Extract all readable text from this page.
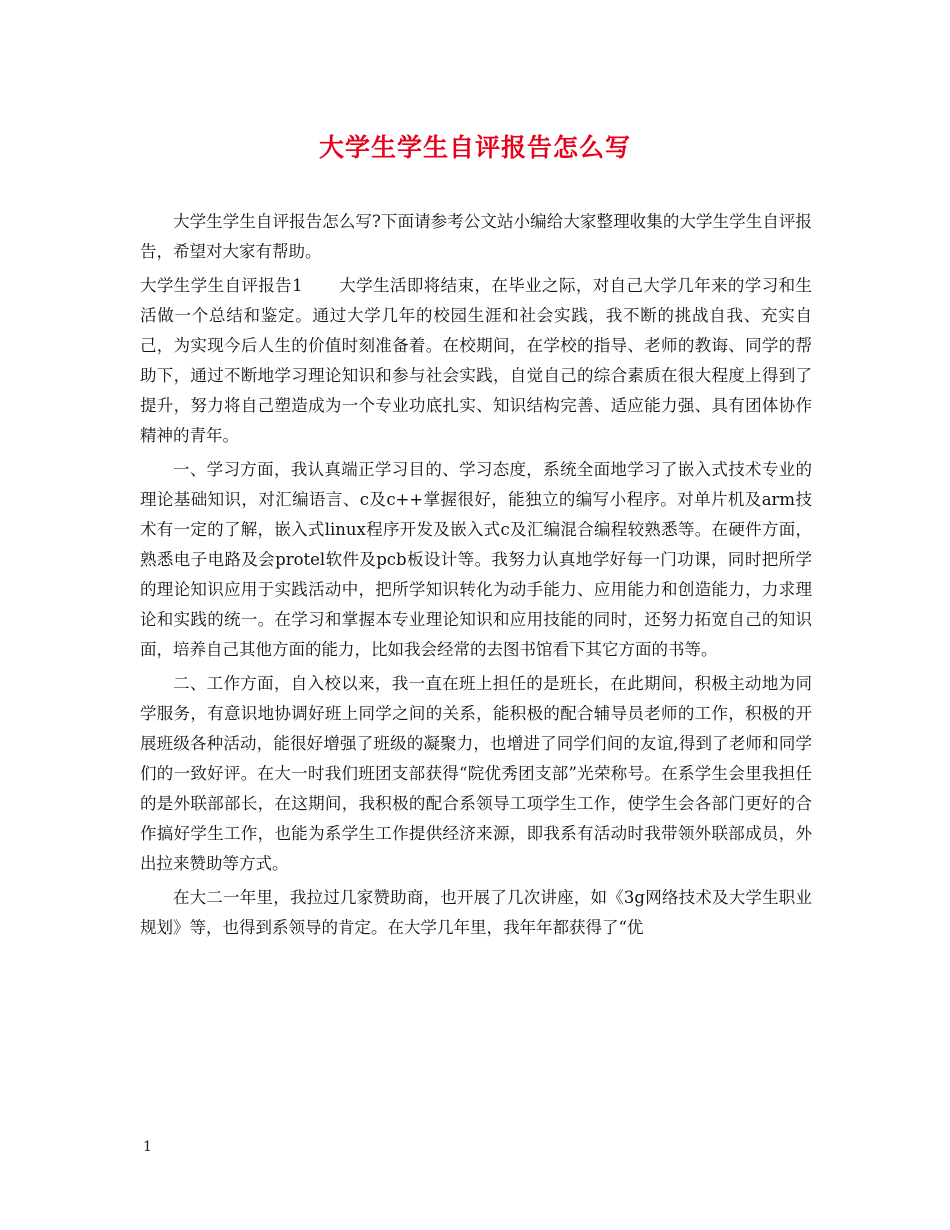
大学生学生自评报告怎么写

大学生学生自评报告怎么写?下面请参考公文站小编给大家整理收集的大学生学生自评报告，希望对大家有帮助。

大学生学生自评报告1 大学生活即将结束，在毕业之际，对自己大学几年来的学习和生活做一个总结和鉴定。通过大学几年的校园生涯和社会实践，我不断的挑战自我、充实自己，为实现今后人生的价值时刻准备着。在校期间，在学校的指导、老师的教诲、同学的帮助下，通过不断地学习理论知识和参与社会实践，自觉自己的综合素质在很大程度上得到了提升，努力将自己塑造成为一个专业功底扎实、知识结构完善、适应能力强、具有团体协作精神的青年。

一、学习方面，我认真端正学习目的、学习态度，系统全面地学习了嵌入式技术专业的理论基础知识，对汇编语言、c及c++掌握很好，能独立的编写小程序。对单片机及arm技术有一定的了解，嵌入式linux程序开发及嵌入式c及汇编混合编程较熟悉等。在硬件方面，熟悉电子电路及会protel软件及pcb板设计等。我努力认真地学好每一门功课，同时把所学的理论知识应用于实践活动中，把所学知识转化为动手能力、应用能力和创造能力，力求理论和实践的统一。在学习和掌握本专业理论知识和应用技能的同时，还努力拓宽自己的知识面，培养自己其他方面的能力，比如我会经常的去图书馆看下其它方面的书等。

二、工作方面，自入校以来，我一直在班上担任的是班长，在此期间，积极主动地为同学服务，有意识地协调好班上同学之间的关系，能积极的配合辅导员老师的工作，积极的开展班级各种活动，能很好增强了班级的凝聚力，也增进了同学们间的友谊,得到了老师和同学们的一致好评。在大一时我们班团支部获得“院优秀团支部”光荣称号。在系学生会里我担任的是外联部部长，在这期间，我积极的配合系领导工项学生工作，使学生会各部门更好的合作搞好学生工作，也能为系学生工作提供经济来源，即我系有活动时我带领外联部成员，外出拉来赞助等方式。

在大二一年里，我拉过几家赞助商，也开展了几次讲座，如《3g网络技术及大学生职业规划》等，也得到系领导的肯定。在大学几年里，我年年都获得了“优

1
